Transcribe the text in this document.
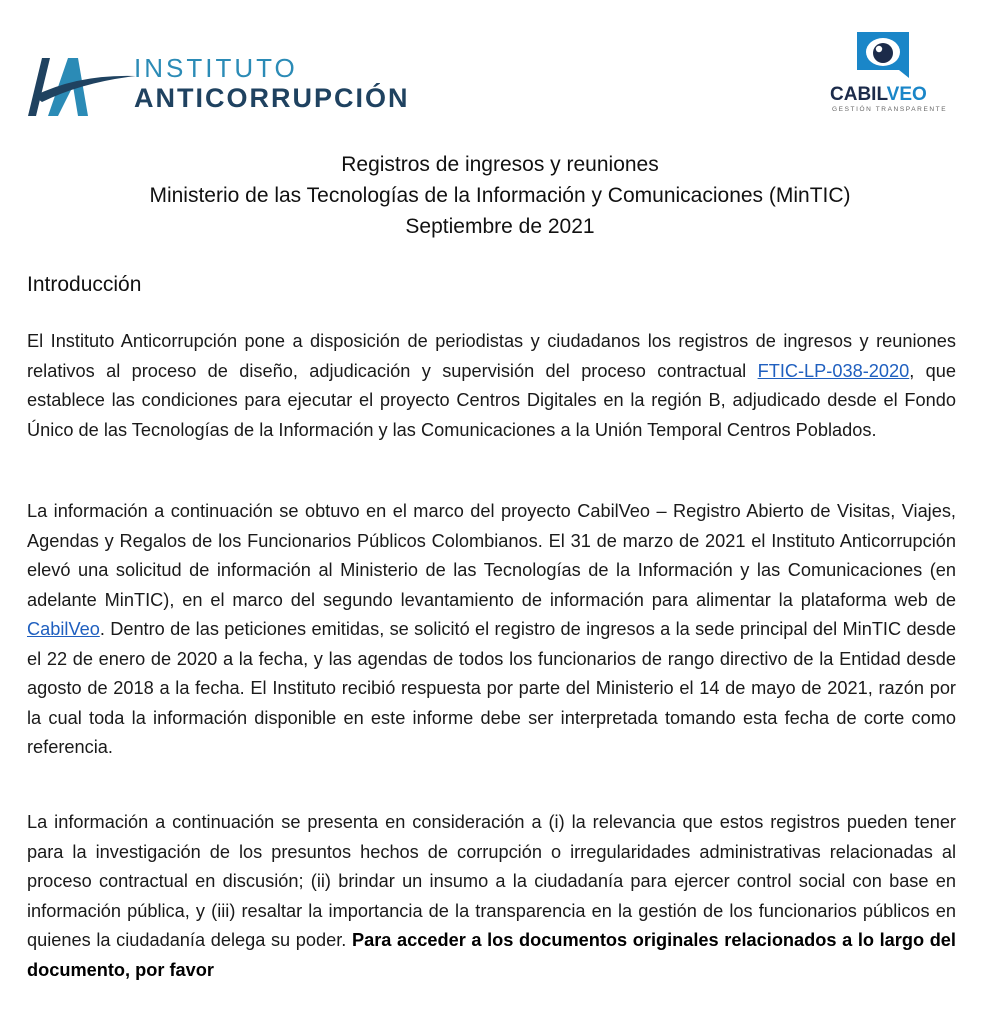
INSTITUTO
ANTICORRUPCIÓN	CABILVEO
GESTIÓN TRANSPARENTE
Registros de ingresos y reuniones
Ministerio de las Tecnologías de la Información y Comunicaciones (MinTIC)
Septiembre de 2021
Introducción
El Instituto Anticorrupción pone a disposición de periodistas y ciudadanos los registros de ingresos y reuniones relativos al proceso de diseño, adjudicación y supervisión del proceso contractual FTIC-LP-038-2020, que establece las condiciones para ejecutar el proyecto Centros Digitales en la región B, adjudicado desde el Fondo Único de las Tecnologías de la Información y las Comunicaciones a la Unión Temporal Centros Poblados.
La información a continuación se obtuvo en el marco del proyecto CabilVeo – Registro Abierto de Visitas, Viajes, Agendas y Regalos de los Funcionarios Públicos Colombianos. El 31 de marzo de 2021 el Instituto Anticorrupción elevó una solicitud de información al Ministerio de las Tecnologías de la Información y las Comunicaciones (en adelante MinTIC), en el marco del segundo levantamiento de información para alimentar la plataforma web de CabilVeo. Dentro de las peticiones emitidas, se solicitó el registro de ingresos a la sede principal del MinTIC desde el 22 de enero de 2020 a la fecha, y las agendas de todos los funcionarios de rango directivo de la Entidad desde agosto de 2018 a la fecha. El Instituto recibió respuesta por parte del Ministerio el 14 de mayo de 2021, razón por la cual toda la información disponible en este informe debe ser interpretada tomando esta fecha de corte como referencia.
La información a continuación se presenta en consideración a (i) la relevancia que estos registros pueden tener para la investigación de los presuntos hechos de corrupción o irregularidades administrativas relacionadas al proceso contractual en discusión; (ii) brindar un insumo a la ciudadanía para ejercer control social con base en información pública, y (iii) resaltar la importancia de la transparencia en la gestión de los funcionarios públicos en quienes la ciudadanía delega su poder. Para acceder a los documentos originales relacionados a lo largo del documento, por favor
